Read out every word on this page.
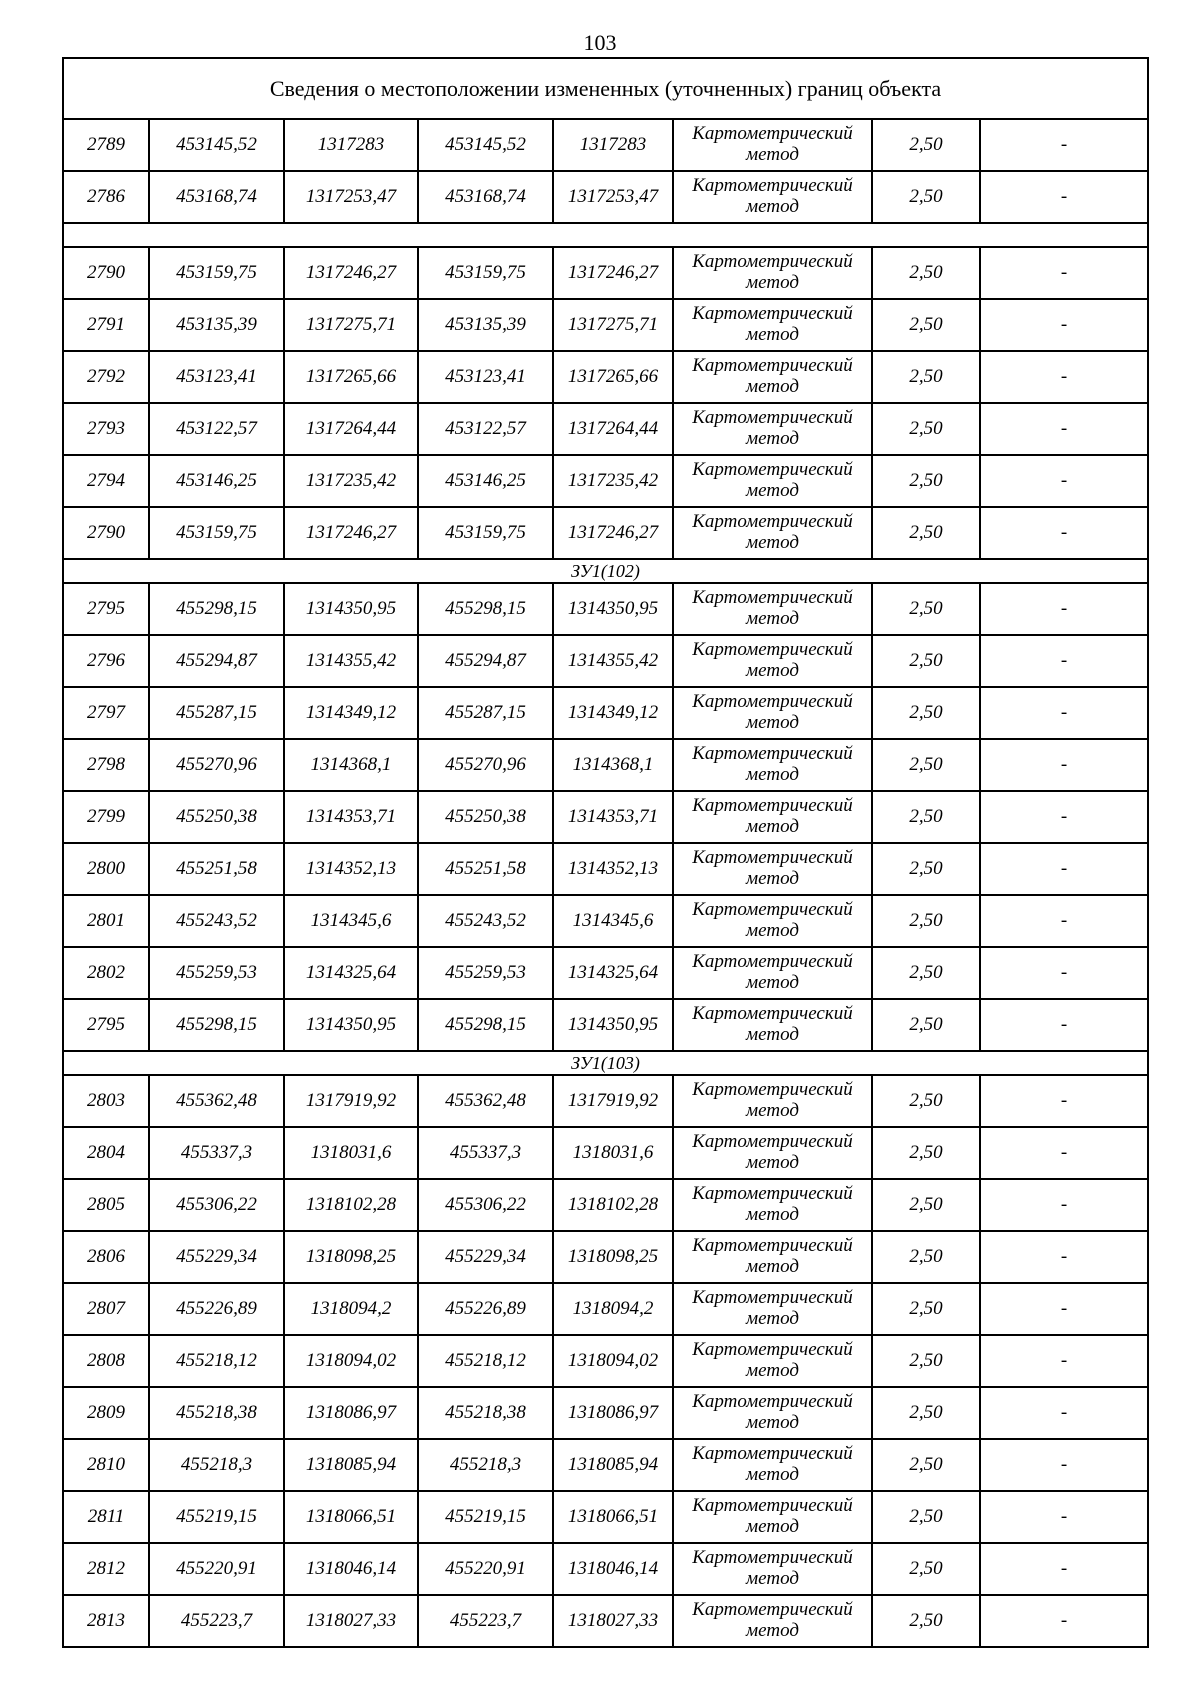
103
Сведения о местоположении измененных (уточненных) границ объекта							
2789	453145,52	1317283	453145,52	1317283	Картометрический метод	2,50	-
2786	453168,74	1317253,47	453168,74	1317253,47	Картометрический метод	2,50	-

2790	453159,75	1317246,27	453159,75	1317246,27	Картометрический метод	2,50	-
2791	453135,39	1317275,71	453135,39	1317275,71	Картометрический метод	2,50	-
2792	453123,41	1317265,66	453123,41	1317265,66	Картометрический метод	2,50	-
2793	453122,57	1317264,44	453122,57	1317264,44	Картометрический метод	2,50	-
2794	453146,25	1317235,42	453146,25	1317235,42	Картометрический метод	2,50	-
2790	453159,75	1317246,27	453159,75	1317246,27	Картометрический метод	2,50	-
ЗУ1(102)							
2795	455298,15	1314350,95	455298,15	1314350,95	Картометрический метод	2,50	-
2796	455294,87	1314355,42	455294,87	1314355,42	Картометрический метод	2,50	-
2797	455287,15	1314349,12	455287,15	1314349,12	Картометрический метод	2,50	-
2798	455270,96	1314368,1	455270,96	1314368,1	Картометрический метод	2,50	-
2799	455250,38	1314353,71	455250,38	1314353,71	Картометрический метод	2,50	-
2800	455251,58	1314352,13	455251,58	1314352,13	Картометрический метод	2,50	-
2801	455243,52	1314345,6	455243,52	1314345,6	Картометрический метод	2,50	-
2802	455259,53	1314325,64	455259,53	1314325,64	Картометрический метод	2,50	-
2795	455298,15	1314350,95	455298,15	1314350,95	Картометрический метод	2,50	-
ЗУ1(103)							
2803	455362,48	1317919,92	455362,48	1317919,92	Картометрический метод	2,50	-
2804	455337,3	1318031,6	455337,3	1318031,6	Картометрический метод	2,50	-
2805	455306,22	1318102,28	455306,22	1318102,28	Картометрический метод	2,50	-
2806	455229,34	1318098,25	455229,34	1318098,25	Картометрический метод	2,50	-
2807	455226,89	1318094,2	455226,89	1318094,2	Картометрический метод	2,50	-
2808	455218,12	1318094,02	455218,12	1318094,02	Картометрический метод	2,50	-
2809	455218,38	1318086,97	455218,38	1318086,97	Картометрический метод	2,50	-
2810	455218,3	1318085,94	455218,3	1318085,94	Картометрический метод	2,50	-
2811	455219,15	1318066,51	455219,15	1318066,51	Картометрический метод	2,50	-
2812	455220,91	1318046,14	455220,91	1318046,14	Картометрический метод	2,50	-
2813	455223,7	1318027,33	455223,7	1318027,33	Картометрический метод	2,50	-
